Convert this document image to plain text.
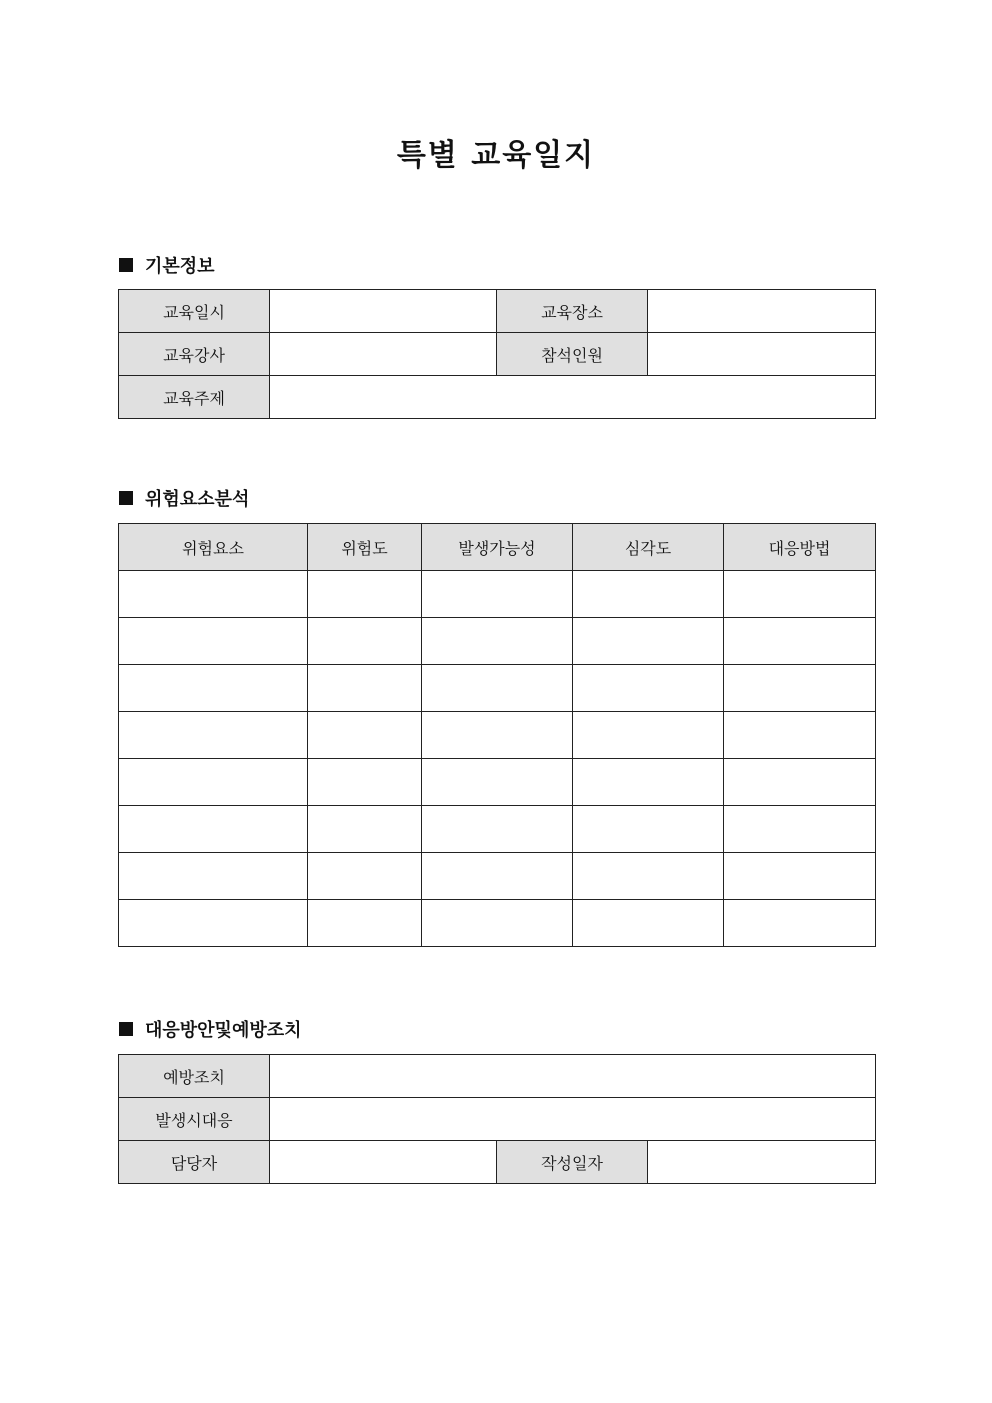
특별 교육일지
기본정보
교육일시		교육장소	
교육강사		참석인원	
교육주제			
위험요소분석
위험요소	위험도	발생가능성	심각도	대응방법

대응방안및예방조치
예방조치			
발생시대응			
담당자		작성일자	
